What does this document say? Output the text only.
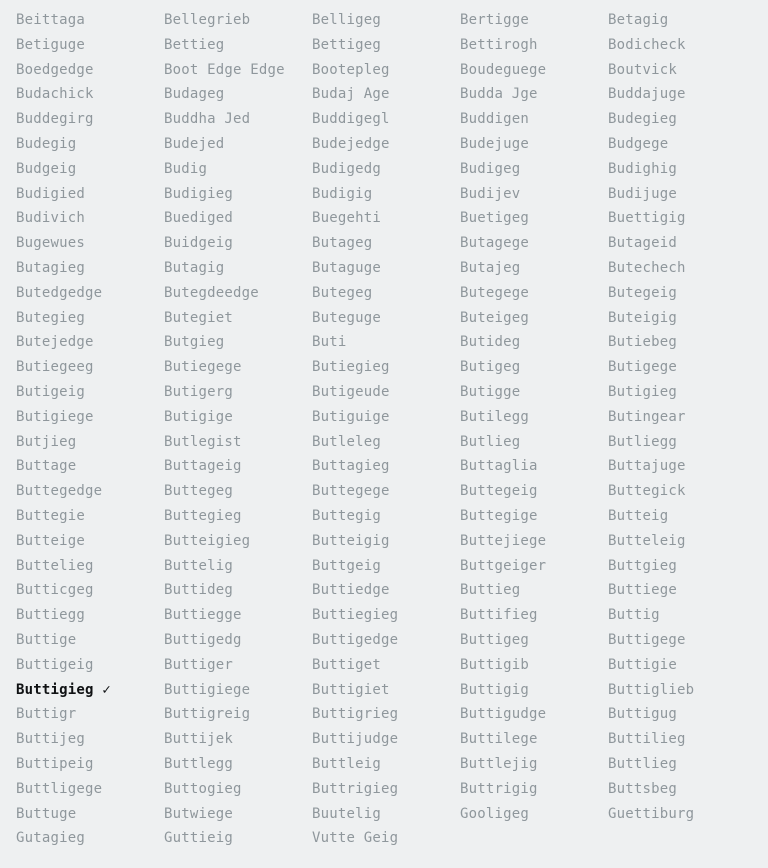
Beittaga	Bellegrieb	Belligeg	Bertigge	Betagig
Betiguge	Bettieg	Bettigeg	Bettirogh	Bodicheck
Boedgedge	Boot Edge Edge	Bootepleg	Boudeguege	Boutvick
Budachick	Budageg	Budaj Age	Budda Jge	Buddajuge
Buddegirg	Buddha Jed	Buddigegl	Buddigen	Budegieg
Budegig	Budejed	Budejedge	Budejuge	Budgege
Budgeig	Budig	Budigedg	Budigeg	Budighig
Budigied	Budigieg	Budigig	Budijev	Budijuge
Budivich	Buediged	Buegehti	Buetigeg	Buettigig
Bugewues	Buidgeig	Butageg	Butagege	Butageid
Butagieg	Butagig	Butaguge	Butajeg	Butechech
Butedgedge	Butegdeedge	Butegeg	Butegege	Butegeig
Butegieg	Butegiet	Buteguge	Buteigeg	Buteigig
Butejedge	Butgieg	Buti	Butideg	Butiebeg
Butiegeeg	Butiegege	Butiegieg	Butigeg	Butigege
Butigeig	Butigerg	Butigeude	Butigge	Butigieg
Butigiege	Butigige	Butiguige	Butilegg	Butingear
Butjieg	Butlegist	Butleleg	Butlieg	Butliegg
Buttage	Buttageig	Buttagieg	Buttaglia	Buttajuge
Buttegedge	Buttegeg	Buttegege	Buttegeig	Buttegick
Buttegie	Buttegieg	Buttegig	Buttegige	Butteig
Butteige	Butteigieg	Butteigig	Buttejiege	Butteleig
Buttelieg	Buttelig	Buttgeig	Buttgeiger	Buttgieg
Butticgeg	Buttideg	Buttiedge	Buttieg	Buttiege
Buttiegg	Buttiegge	Buttiegieg	Buttifieg	Buttig
Buttige	Buttigedg	Buttigedge	Buttigeg	Buttigege
Buttigeig	Buttiger	Buttiget	Buttigib	Buttigie
Buttigieg ✓	Buttigiege	Buttigiet	Buttigig	Buttiglieb
Buttigr	Buttigreig	Buttigrieg	Buttigudge	Buttigug
Buttijeg	Buttijek	Buttijudge	Buttilege	Buttilieg
Buttipeig	Buttlegg	Buttleig	Buttlejig	Buttlieg
Buttligege	Buttogieg	Buttrigieg	Buttrigig	Buttsbeg
Buttuge	Butwiege	Buutelig	Gooligeg	Guettiburg
Gutagieg	Guttieig	Vutte Geig
